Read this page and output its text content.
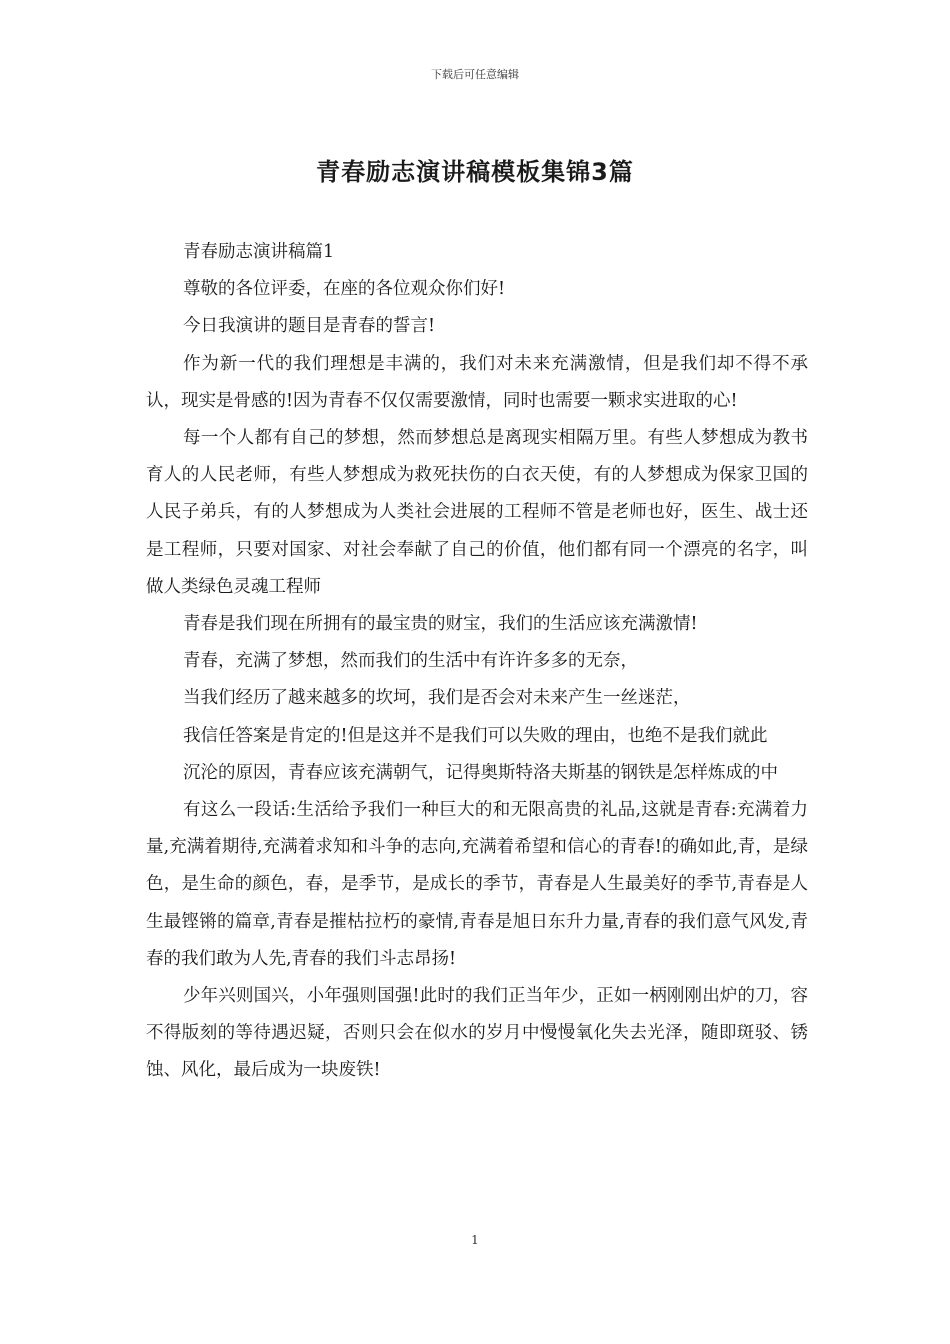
下载后可任意编辑
青春励志演讲稿模板集锦3篇

青春励志演讲稿篇1

尊敬的各位评委，在座的各位观众你们好!

今日我演讲的题目是青春的誓言!

作为新一代的我们理想是丰满的，我们对未来充满激情，但是我们却不得不承认，现实是骨感的!因为青春不仅仅需要激情，同时也需要一颗求实进取的心!

每一个人都有自己的梦想，然而梦想总是离现实相隔万里。有些人梦想成为教书育人的人民老师，有些人梦想成为救死扶伤的白衣天使，有的人梦想成为保家卫国的人民子弟兵，有的人梦想成为人类社会进展的工程师不管是老师也好，医生、战士还是工程师，只要对国家、对社会奉献了自己的价值，他们都有同一个漂亮的名字，叫做人类绿色灵魂工程师

青春是我们现在所拥有的最宝贵的财宝，我们的生活应该充满激情!

青春，充满了梦想，然而我们的生活中有许许多多的无奈，

当我们经历了越来越多的坎坷，我们是否会对未来产生一丝迷茫，

我信任答案是肯定的!但是这并不是我们可以失败的理由，也绝不是我们就此

沉沦的原因，青春应该充满朝气，记得奥斯特洛夫斯基的钢铁是怎样炼成的中

有这么一段话:生活给予我们一种巨大的和无限高贵的礼品,这就是青春:充满着力量,充满着期待,充满着求知和斗争的志向,充满着希望和信心的青春!的确如此,青，是绿色，是生命的颜色，春，是季节，是成长的季节，青春是人生最美好的季节,青春是人生最铿锵的篇章,青春是摧枯拉朽的豪情,青春是旭日东升力量,青春的我们意气风发,青春的我们敢为人先,青春的我们斗志昂扬!

少年兴则国兴，小年强则国强!此时的我们正当年少，正如一柄刚刚出炉的刀，容不得版刻的等待遇迟疑，否则只会在似水的岁月中慢慢氧化失去光泽，随即斑驳、锈蚀、风化，最后成为一块废铁!

1
